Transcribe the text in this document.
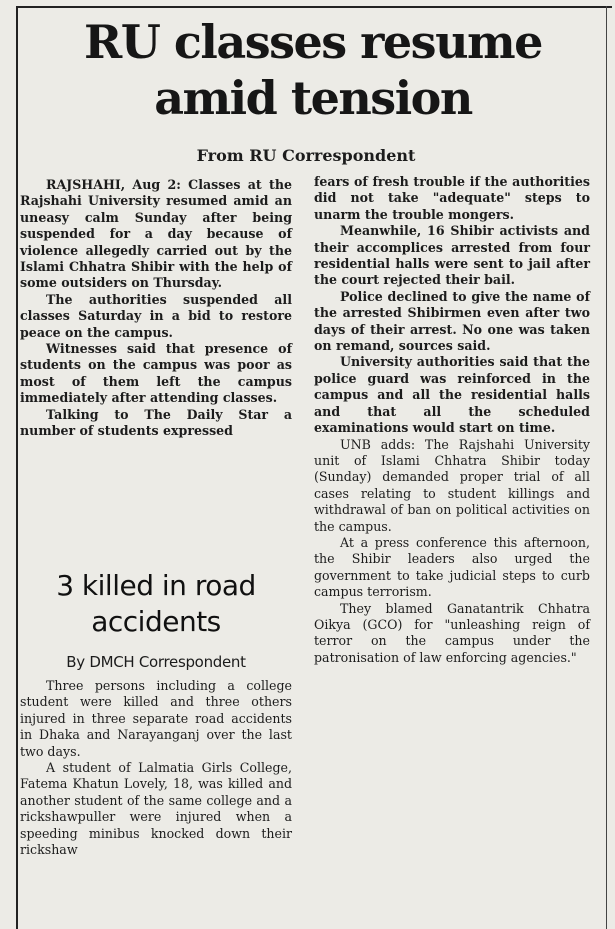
RU classes resume amid tension
From RU Correspondent

RAJSHAHI, Aug 2: Classes at the Rajshahi University resumed amid an uneasy calm Sunday after being suspended for a day because of violence allegedly carried out by the Islami Chhatra Shibir with the help of some outsiders on Thursday.

The authorities suspended all classes Saturday in a bid to restore peace on the campus.

Witnesses said that presence of students on the campus was poor as most of them left the campus immediately after attending classes.

Talking to The Daily Star a number of students expressed

fears of fresh trouble if the authorities did not take "adequate" steps to unarm the trouble mongers.

Meanwhile, 16 Shibir activists and their accomplices arrested from four residential halls were sent to jail after the court rejected their bail.

Police declined to give the name of the arrested Shibirmen even after two days of their arrest. No one was taken on remand, sources said.

University authorities said that the police guard was reinforced in the campus and all the residential halls and that all the scheduled examinations would start on time.

UNB adds: The Rajshahi University unit of Islami Chhatra Shibir today (Sunday) demanded proper trial of all cases relating to student killings and withdrawal of ban on political activities on the campus.

At a press conference this afternoon, the Shibir leaders also urged the government to take judicial steps to curb campus terrorism.

They blamed Ganatantrik Chhatra Oikya (GCO) for "unleashing reign of terror on the campus under the patronisation of law enforcing agencies."

3 killed in road accidents
By DMCH Correspondent

Three persons including a college student were killed and three others injured in three separate road accidents in Dhaka and Narayanganj over the last two days.

A student of Lalmatia Girls College, Fatema Khatun Lovely, 18, was killed and another student of the same college and a rickshawpuller were injured when a speeding minibus knocked down their rickshaw
